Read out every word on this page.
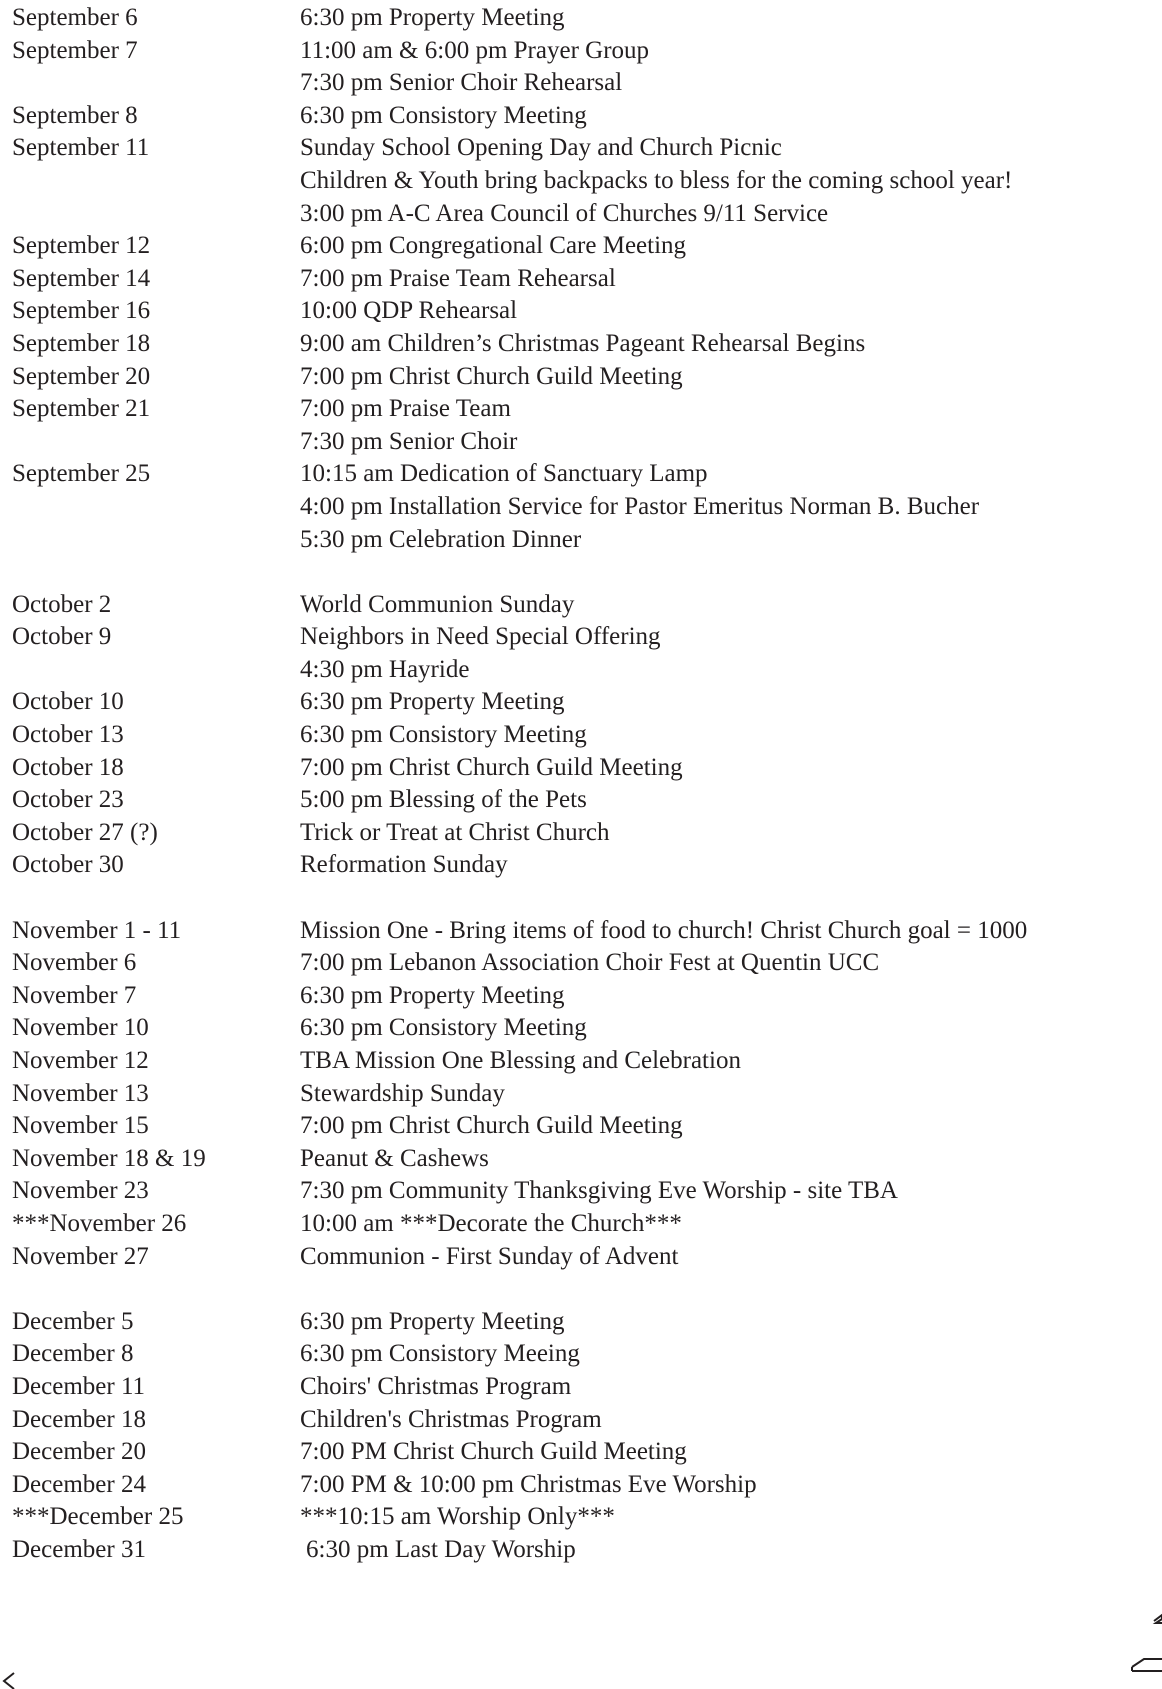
September 6	6:30 pm Property Meeting
September 7	11:00 am & 6:00 pm Prayer Group
7:30 pm Senior Choir Rehearsal
September 8	6:30 pm Consistory Meeting
September 11	Sunday School Opening Day and Church Picnic
Children & Youth bring backpacks to bless for the coming school year!
3:00 pm A-C Area Council of Churches 9/11 Service
September 12	6:00 pm Congregational Care Meeting
September 14	7:00 pm Praise Team Rehearsal
September 16	10:00 QDP Rehearsal
September 18	9:00 am Children’s Christmas Pageant Rehearsal Begins
September 20	7:00 pm Christ Church Guild Meeting
September 21	7:00 pm Praise Team
7:30 pm Senior Choir
September 25	10:15 am Dedication of Sanctuary Lamp
4:00 pm Installation Service for Pastor Emeritus Norman B. Bucher
5:30 pm Celebration Dinner
October 2	World Communion Sunday
October 9	Neighbors in Need Special Offering
4:30 pm Hayride
October 10	6:30 pm Property Meeting
October 13	6:30 pm Consistory Meeting
October 18	7:00 pm Christ Church Guild Meeting
October 23	5:00 pm Blessing of the Pets
October 27 (?)	Trick or Treat at Christ Church
October 30	Reformation Sunday
November 1 - 11	Mission One - Bring items of food to church! Christ Church goal = 1000
November 6	7:00 pm Lebanon Association Choir Fest at Quentin UCC
November 7	6:30 pm Property Meeting
November 10	6:30 pm Consistory Meeting
November 12	TBA Mission One Blessing and Celebration
November 13	Stewardship Sunday
November 15	7:00 pm Christ Church Guild Meeting
November 18 & 19	Peanut & Cashews
November 23	7:30 pm Community Thanksgiving Eve Worship - site TBA
***November 26	10:00 am ***Decorate the Church***
November 27	Communion - First Sunday of Advent
December 5	6:30 pm Property Meeting
December 8	6:30 pm Consistory Meeing
December 11	Choirs' Christmas Program
December 18	Children's Christmas Program
December 20	7:00 PM Christ Church Guild Meeting
December 24	7:00 PM & 10:00 pm Christmas Eve Worship
***December 25	***10:15 am Worship Only***
December 31	6:30 pm Last Day Worship
